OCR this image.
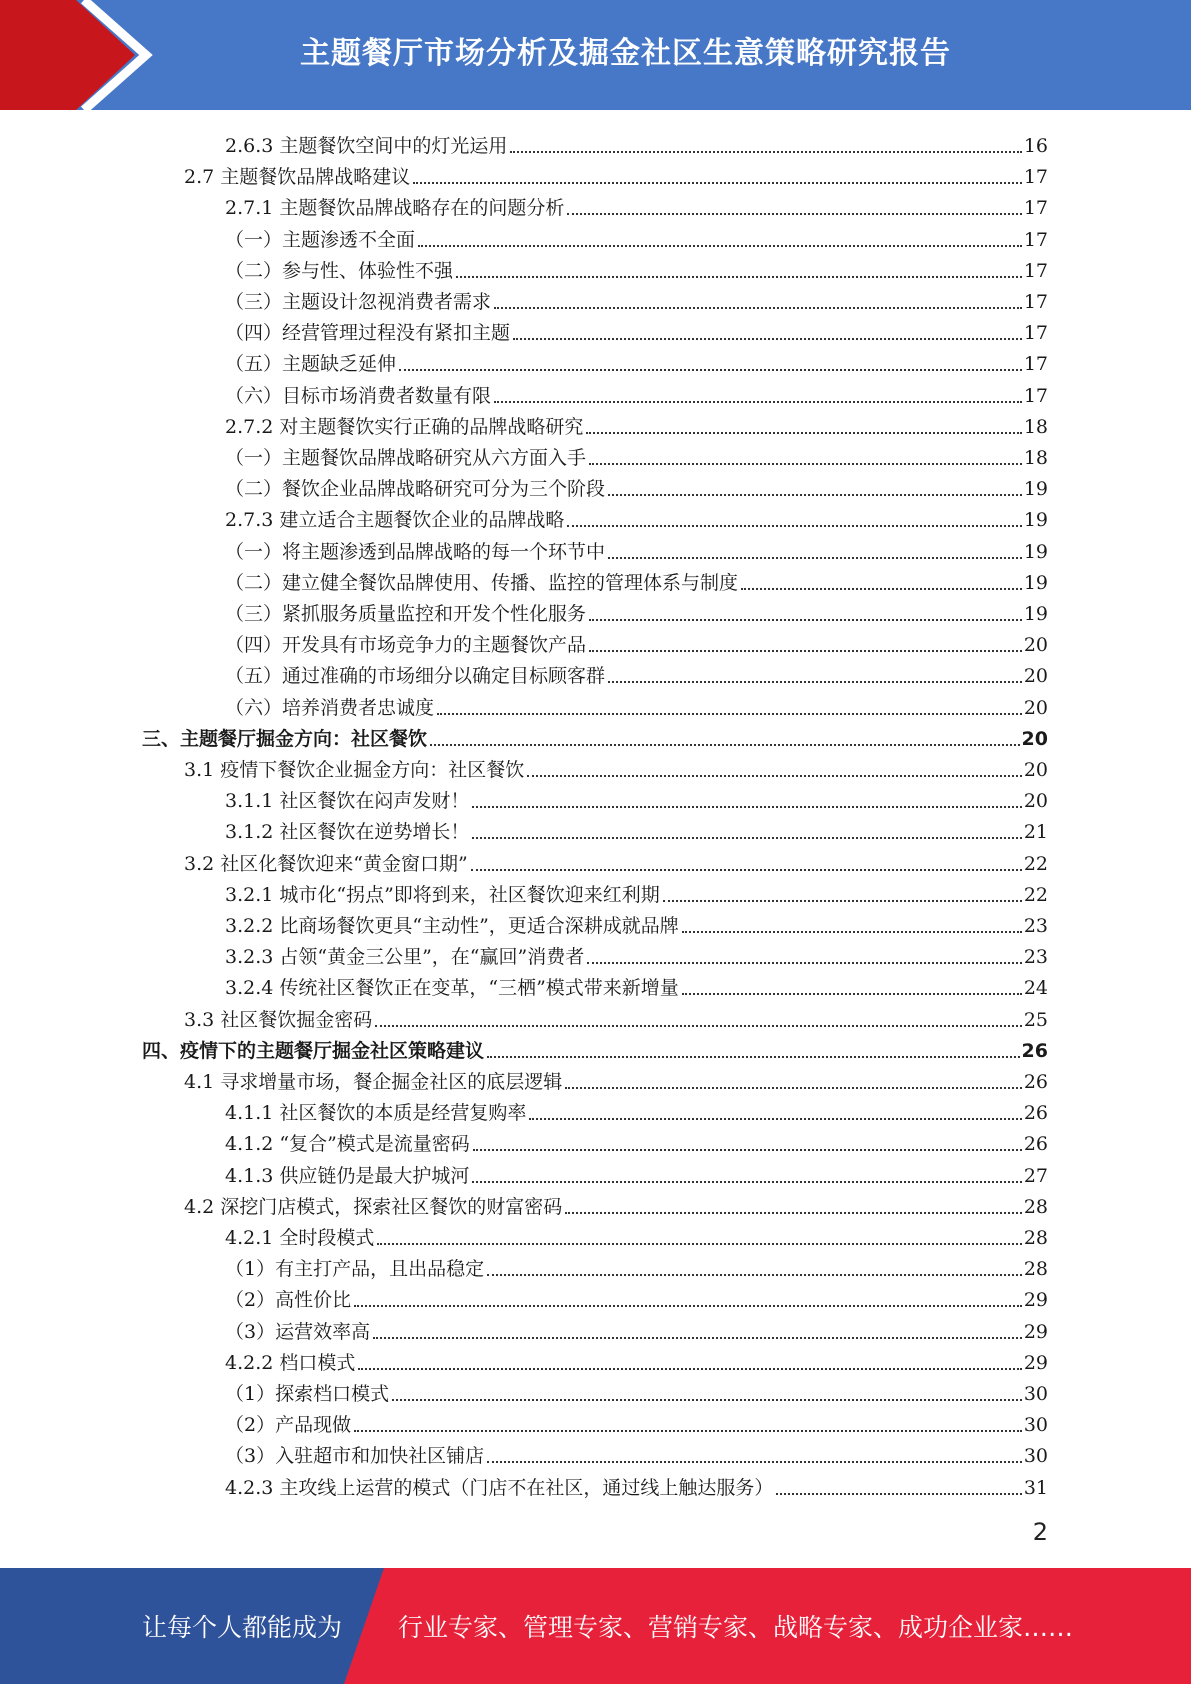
主题餐厅市场分析及掘金社区生意策略研究报告
2.6.3 主题餐饮空间中的灯光运用	16
2.7 主题餐饮品牌战略建议	17
2.7.1 主题餐饮品牌战略存在的问题分析	17
（一）主题渗透不全面	17
（二）参与性、体验性不强	17
（三）主题设计忽视消费者需求	17
（四）经营管理过程没有紧扣主题	17
（五）主题缺乏延伸	17
（六）目标市场消费者数量有限	17
2.7.2 对主题餐饮实行正确的品牌战略研究	18
（一）主题餐饮品牌战略研究从六方面入手	18
（二）餐饮企业品牌战略研究可分为三个阶段	19
2.7.3 建立适合主题餐饮企业的品牌战略	19
（一）将主题渗透到品牌战略的每一个环节中	19
（二）建立健全餐饮品牌使用、传播、监控的管理体系与制度	19
（三）紧抓服务质量监控和开发个性化服务	19
（四）开发具有市场竞争力的主题餐饮产品	20
（五）通过准确的市场细分以确定目标顾客群	20
（六）培养消费者忠诚度	20
三、主题餐厅掘金方向：社区餐饮	20
3.1 疫情下餐饮企业掘金方向：社区餐饮	20
3.1.1 社区餐饮在闷声发财！	20
3.1.2 社区餐饮在逆势增长！	21
3.2 社区化餐饮迎来“黄金窗口期”	22
3.2.1 城市化“拐点”即将到来，社区餐饮迎来红利期	22
3.2.2 比商场餐饮更具“主动性”，更适合深耕成就品牌	23
3.2.3 占领“黄金三公里”，在“赢回”消费者	23
3.2.4 传统社区餐饮正在变革，“三栖”模式带来新增量	24
3.3 社区餐饮掘金密码	25
四、疫情下的主题餐厅掘金社区策略建议	26
4.1 寻求增量市场，餐企掘金社区的底层逻辑	26
4.1.1 社区餐饮的本质是经营复购率	26
4.1.2 “复合”模式是流量密码	26
4.1.3 供应链仍是最大护城河	27
4.2 深挖门店模式，探索社区餐饮的财富密码	28
4.2.1 全时段模式	28
（1）有主打产品，且出品稳定	28
（2）高性价比	29
（3）运营效率高	29
4.2.2 档口模式	29
（1）探索档口模式	30
（2）产品现做	30
（3）入驻超市和加快社区铺店	30
4.2.3 主攻线上运营的模式（门店不在社区，通过线上触达服务）	31
2
让每个人都能成为 行业专家、管理专家、营销专家、战略专家、成功企业家……
